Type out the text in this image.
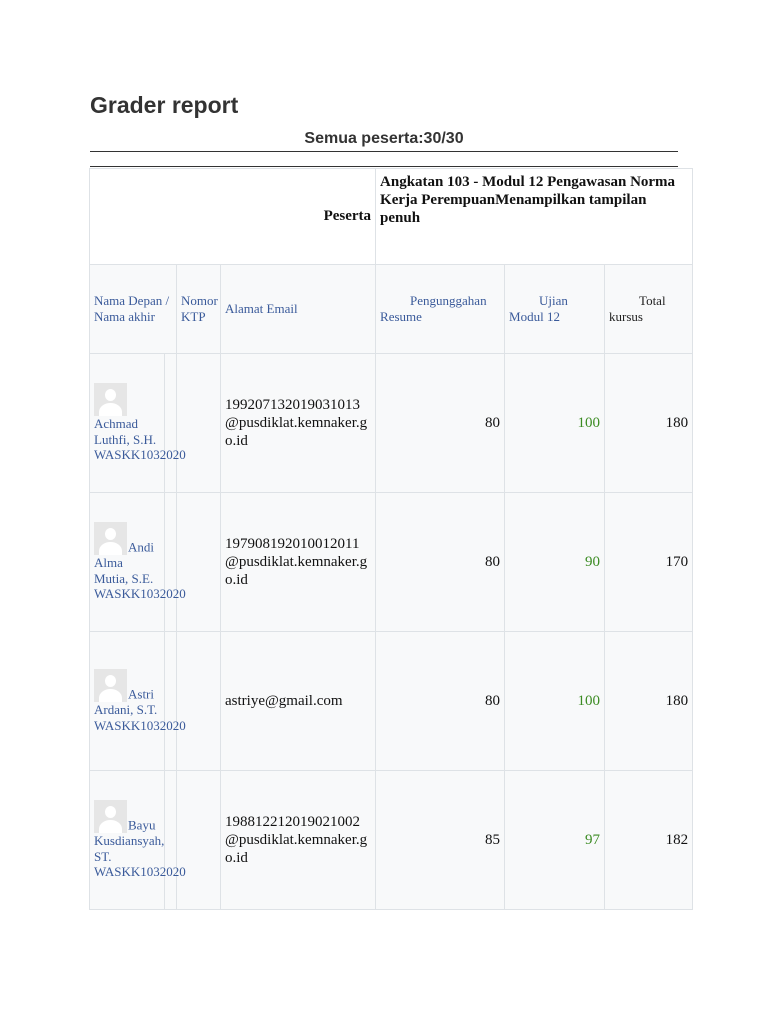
Grader report
Semua peserta:30/30
Peserta				Angkatan 103 - Modul 12 Pengawasan Norma Kerja PerempuanMenampilkan tampilan penuh		
Nama Depan / Nama akhir		Nomor KTP	Alamat Email	Pengunggahan Resume	Ujian Modul 12	Total kursus

Achmad Luthfi, S.H. WASKK1032020			199207132019031013@pusdiklat.kemnaker.go.id	80	100	180

Andi Alma Mutia, S.E. WASKK1032020			197908192010012011@pusdiklat.kemnaker.go.id	80	90	170

Astri Ardani, S.T. WASKK1032020			astriye@gmail.com	80	100	180

Bayu Kusdiansyah, ST. WASKK1032020			198812212019021002@pusdiklat.kemnaker.go.id	85	97	182
